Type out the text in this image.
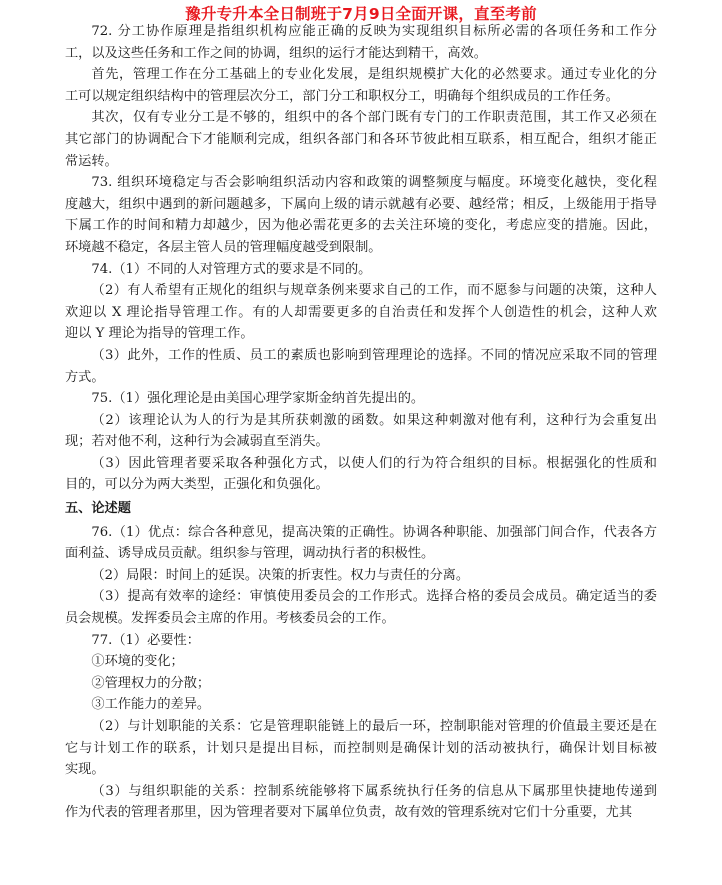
豫升专升本全日制班于7月9日全面开课，直至考前
72. 分工协作原理是指组织机构应能正确的反映为实现组织目标所必需的各项任务和工作分
工，以及这些任务和工作之间的协调，组织的运行才能达到精干，高效。
首先，管理工作在分工基础上的专业化发展，是组织规模扩大化的必然要求。通过专业化的分
工可以规定组织结构中的管理层次分工，部门分工和职权分工，明确每个组织成员的工作任务。
其次，仅有专业分工是不够的，组织中的各个部门既有专门的工作职责范围，其工作又必须在
其它部门的协调配合下才能顺利完成，组织各部门和各环节彼此相互联系，相互配合，组织才能正
常运转。
73. 组织环境稳定与否会影响组织活动内容和政策的调整频度与幅度。环境变化越快，变化程
度越大，组织中遇到的新问题越多，下属向上级的请示就越有必要、越经常；相反，上级能用于指导
下属工作的时间和精力却越少，因为他必需花更多的去关注环境的变化，考虑应变的措施。因此，
环境越不稳定，各层主管人员的管理幅度越受到限制。
74.（1）不同的人对管理方式的要求是不同的。
（2）有人希望有正规化的组织与规章条例来要求自己的工作，而不愿参与问题的决策，这种人
欢迎以 X 理论指导管理工作。有的人却需要更多的自治责任和发挥个人创造性的机会，这种人欢
迎以 Y 理论为指导的管理工作。
（3）此外，工作的性质、员工的素质也影响到管理理论的选择。不同的情况应采取不同的管理
方式。
75.（1）强化理论是由美国心理学家斯金纳首先提出的。
（2）该理论认为人的行为是其所获刺激的函数。如果这种刺激对他有利，这种行为会重复出
现；若对他不利，这种行为会减弱直至消失。
（3）因此管理者要采取各种强化方式，以使人们的行为符合组织的目标。根据强化的性质和
目的，可以分为两大类型，正强化和负强化。
五、论述题
76.（1）优点：综合各种意见，提高决策的正确性。协调各种职能、加强部门间合作，代表各方
面利益、诱导成员贡献。组织参与管理，调动执行者的积极性。
（2）局限：时间上的延误。决策的折衷性。权力与责任的分离。
（3）提高有效率的途经：审慎使用委员会的工作形式。选择合格的委员会成员。确定适当的委
员会规模。发挥委员会主席的作用。考核委员会的工作。
77.（1）必要性：
①环境的变化；
②管理权力的分散；
③工作能力的差异。
（2）与计划职能的关系：它是管理职能链上的最后一环，控制职能对管理的价值最主要还是在
它与计划工作的联系，计划只是提出目标，而控制则是确保计划的活动被执行，确保计划目标被
实现。
（3）与组织职能的关系：控制系统能够将下属系统执行任务的信息从下属那里快捷地传递到
作为代表的管理者那里，因为管理者要对下属单位负责，故有效的管理系统对它们十分重要，尤其
